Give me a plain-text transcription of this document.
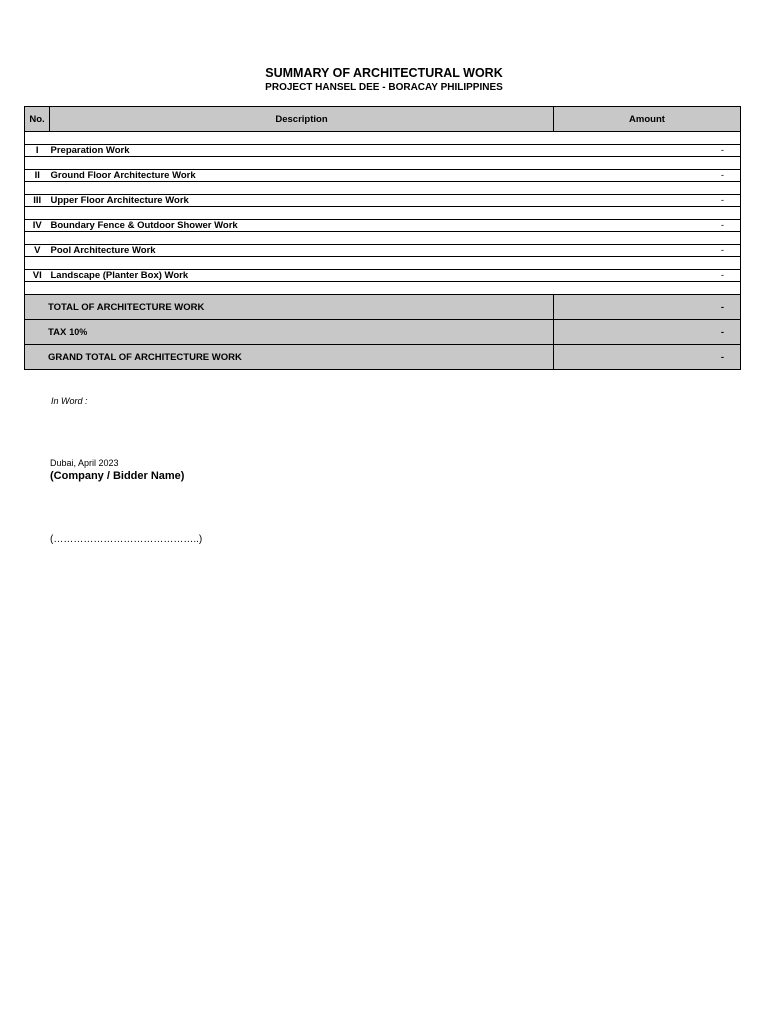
SUMMARY OF ARCHITECTURAL WORK
PROJECT HANSEL DEE - BORACAY PHILIPPINES
No.	Description	Amount

I	Preparation Work	-

II	Ground Floor Architecture Work	-

III	Upper Floor Architecture Work	-

IV	Boundary Fence & Outdoor Shower Work	-

V	Pool Architecture Work	-

VI	Landscape (Planter Box) Work	-

TOTAL OF ARCHITECTURE WORK		-
TAX 10%		-
GRAND TOTAL OF ARCHITECTURE WORK		-
In Word :
Dubai, April 2023
(Company / Bidder Name)
(……………………………………..)
